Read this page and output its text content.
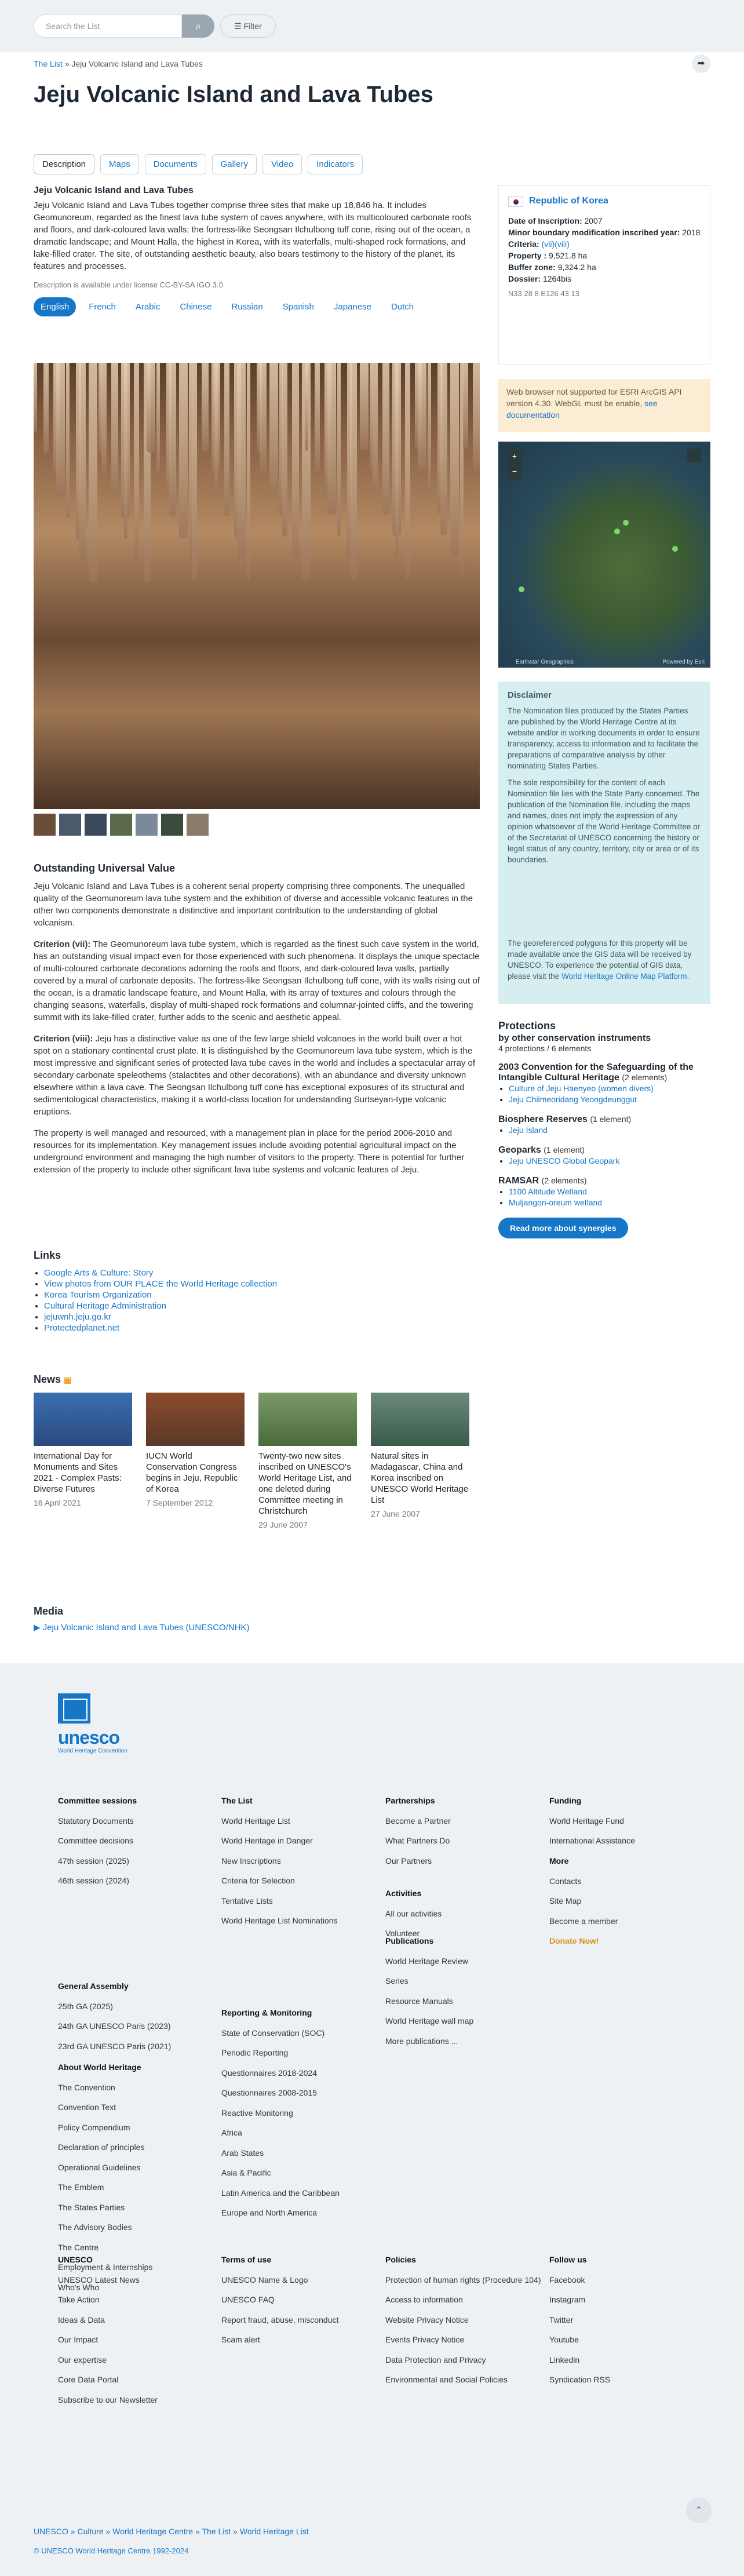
Search the List	⌕	☰ Filter
The List » Jeju Volcanic Island and Lava Tubes	➦
Jeju Volcanic Island and Lava Tubes
Description	Maps	Documents	Gallery	Video	Indicators
Jeju Volcanic Island and Lava Tubes
Jeju Volcanic Island and Lava Tubes together comprise three sites that make up 18,846 ha. It includes Geomunoreum, regarded as the finest lava tube system of caves anywhere, with its multicoloured carbonate roofs and floors, and dark-coloured lava walls; the fortress-like Seongsan Ilchulbong tuff cone, rising out of the ocean, a dramatic landscape; and Mount Halla, the highest in Korea, with its waterfalls, multi-shaped rock formations, and lake-filled crater. The site, of outstanding aesthetic beauty, also bears testimony to the history of the planet, its features and processes.
Description is available under license CC-BY-SA IGO 3.0
English	French	Arabic	Chinese	Russian	Spanish	Japanese	Dutch
Outstanding Universal Value

Jeju Volcanic Island and Lava Tubes is a coherent serial property comprising three components. The unequalled quality of the Geomunoreum lava tube system and the exhibition of diverse and accessible volcanic features in the other two components demonstrate a distinctive and important contribution to the understanding of global volcanism.

Criterion (vii): The Geomunoreum lava tube system, which is regarded as the finest such cave system in the world, has an outstanding visual impact even for those experienced with such phenomena. It displays the unique spectacle of multi-coloured carbonate decorations adorning the roofs and floors, and dark-coloured lava walls, partially covered by a mural of carbonate deposits. The fortress-like Seongsan Ilchulbong tuff cone, with its walls rising out of the ocean, is a dramatic landscape feature, and Mount Halla, with its array of textures and colours through the changing seasons, waterfalls, display of multi-shaped rock formations and columnar-jointed cliffs, and the towering summit with its lake-filled crater, further adds to the scenic and aesthetic appeal.

Criterion (viii): Jeju has a distinctive value as one of the few large shield volcanoes in the world built over a hot spot on a stationary continental crust plate. It is distinguished by the Geomunoreum lava tube system, which is the most impressive and significant series of protected lava tube caves in the world and includes a spectacular array of secondary carbonate speleothems (stalactites and other decorations), with an abundance and diversity unknown elsewhere within a lava cave. The Seongsan Ilchulbong tuff cone has exceptional exposures of its structural and sedimentological characteristics, making it a world-class location for understanding Surtseyan-type volcanic eruptions.

The property is well managed and resourced, with a management plan in place for the period 2006-2010 and resources for its implementation. Key management issues include avoiding potential agricultural impact on the underground environment and managing the high number of visitors to the property. There is potential for further extension of the property to include other significant lava tube systems and volcanic features of Jeju.

Links
• Google Arts & Culture: Story
• View photos from OUR PLACE the World Heritage collection
• Korea Tourism Organization
• Cultural Heritage Administration
• jejuwnh.jeju.go.kr
• Protectedplanet.net
News ▣
International Day for Monuments and Sites 2021 - Complex Pasts: Diverse Futures
16 April 2021
IUCN World Conservation Congress begins in Jeju, Republic of Korea
7 September 2012
Twenty-two new sites inscribed on UNESCO's World Heritage List, and one deleted during Committee meeting in Christchurch
29 June 2007
Natural sites in Madagascar, China and Korea inscribed on UNESCO World Heritage List
27 June 2007
Media
▶ Jeju Volcanic Island and Lava Tubes (UNESCO/NHK)
Republic of Korea
Date of Inscription: 2007
Minor boundary modification inscribed year: 2018
Criteria: (vii)(viii)
Property : 9,521.8 ha
Buffer zone: 9,324.2 ha
Dossier: 1264bis
N33 28 8 E126 43 13
Web browser not supported for ESRI ArcGIS API version 4.30. WebGL must be enable, see documentation
+
−
Earthstar Geographics	Powered by Esri
Disclaimer

The Nomination files produced by the States Parties are published by the World Heritage Centre at its website and/or in working documents in order to ensure transparency, access to information and to facilitate the preparations of comparative analysis by other nominating States Parties.

The sole responsibility for the content of each Nomination file lies with the State Party concerned. The publication of the Nomination file, including the maps and names, does not imply the expression of any opinion whatsoever of the World Heritage Committee or of the Secretariat of UNESCO concerning the history or legal status of any country, territory, city or area or of its boundaries.

The georeferenced polygons for this property will be made available once the GIS data will be received by UNESCO. To experience the potential of GIS data, please visit the World Heritage Online Map Platform.
Protections
by other conservation instruments
4 protections / 6 elements
2003 Convention for the Safeguarding of the Intangible Cultural Heritage (2 elements)
• Culture of Jeju Haenyeo (women divers)
• Jeju Chilmeoridang Yeongdeunggut
Biosphere Reserves (1 element)
• Jeju Island
Geoparks (1 element)
• Jeju UNESCO Global Geopark
RAMSAR (2 elements)
• 1100 Altitude Wetland
• Muljangori-oreum wetland
Read more about synergies
unesco
World Heritage Convention
Committee sessions
Statutory Documents
Committee decisions
47th session (2025)
46th session (2024)
General Assembly
25th GA (2025)
24th GA UNESCO Paris (2023)
23rd GA UNESCO Paris (2021)
About World Heritage
The Convention
Convention Text
Policy Compendium
Declaration of principles
Operational Guidelines
The Emblem
The States Parties
The Advisory Bodies
The Centre
Employment & Internships
Who's Who
The List
World Heritage List
World Heritage in Danger
New Inscriptions
Criteria for Selection
Tentative Lists
World Heritage List Nominations
Reporting & Monitoring
State of Conservation (SOC)
Periodic Reporting
Questionnaires 2018-2024
Questionnaires 2008-2015
Reactive Monitoring
Africa
Arab States
Asia & Pacific
Latin America and the Caribbean
Europe and North America
Partnerships
Become a Partner
What Partners Do
Our Partners
Activities
All our activities
Volunteer
Publications
World Heritage Review
Series
Resource Manuals
World Heritage wall map
More publications ...
Funding
World Heritage Fund
International Assistance
More
Contacts
Site Map
Become a member
Donate Now!
UNESCO
UNESCO Latest News
Take Action
Ideas & Data
Our Impact
Our expertise
Core Data Portal
Subscribe to our Newsletter
Terms of use
UNESCO Name & Logo
UNESCO FAQ
Report fraud, abuse, misconduct
Scam alert
Policies
Protection of human rights (Procedure 104)
Access to information
Website Privacy Notice
Events Privacy Notice
Data Protection and Privacy
Environmental and Social Policies
Follow us
Facebook
Instagram
Twitter
Youtube
Linkedin
Syndication RSS
UNESCO » Culture » World Heritage Centre » The List » World Heritage List
© UNESCO World Heritage Centre 1992-2024
⌃
